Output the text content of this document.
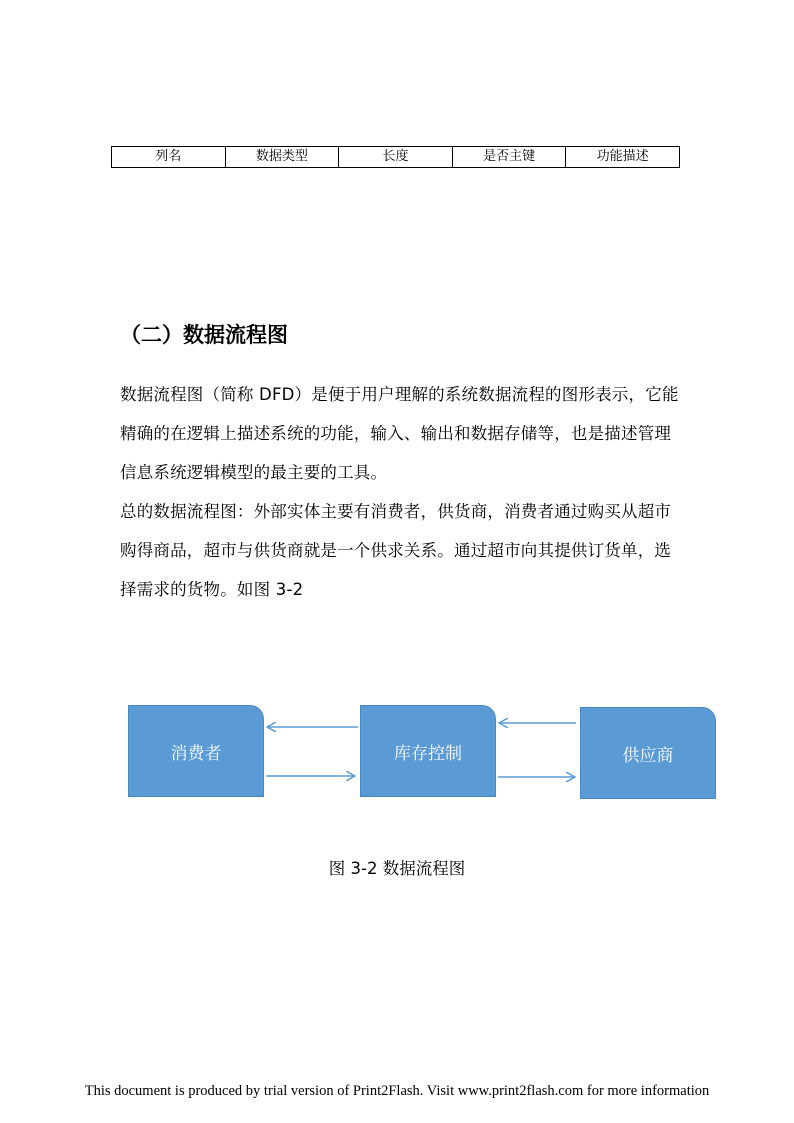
列名	数据类型	长度	是否主键	功能描述
（二）数据流程图

数据流程图（简称 DFD）是便于用户理解的系统数据流程的图形表示，它能精确的在逻辑上描述系统的功能，输入、输出和数据存储等，也是描述管理信息系统逻辑模型的最主要的工具。

总的数据流程图：外部实体主要有消费者，供货商，消费者通过购买从超市购得商品，超市与供货商就是一个供求关系。通过超市向其提供订货单，选择需求的货物。如图 3-2

消费者	库存控制	供应商
图 3-2 数据流程图
This document is produced by trial version of Print2Flash. Visit www.print2flash.com for more information
